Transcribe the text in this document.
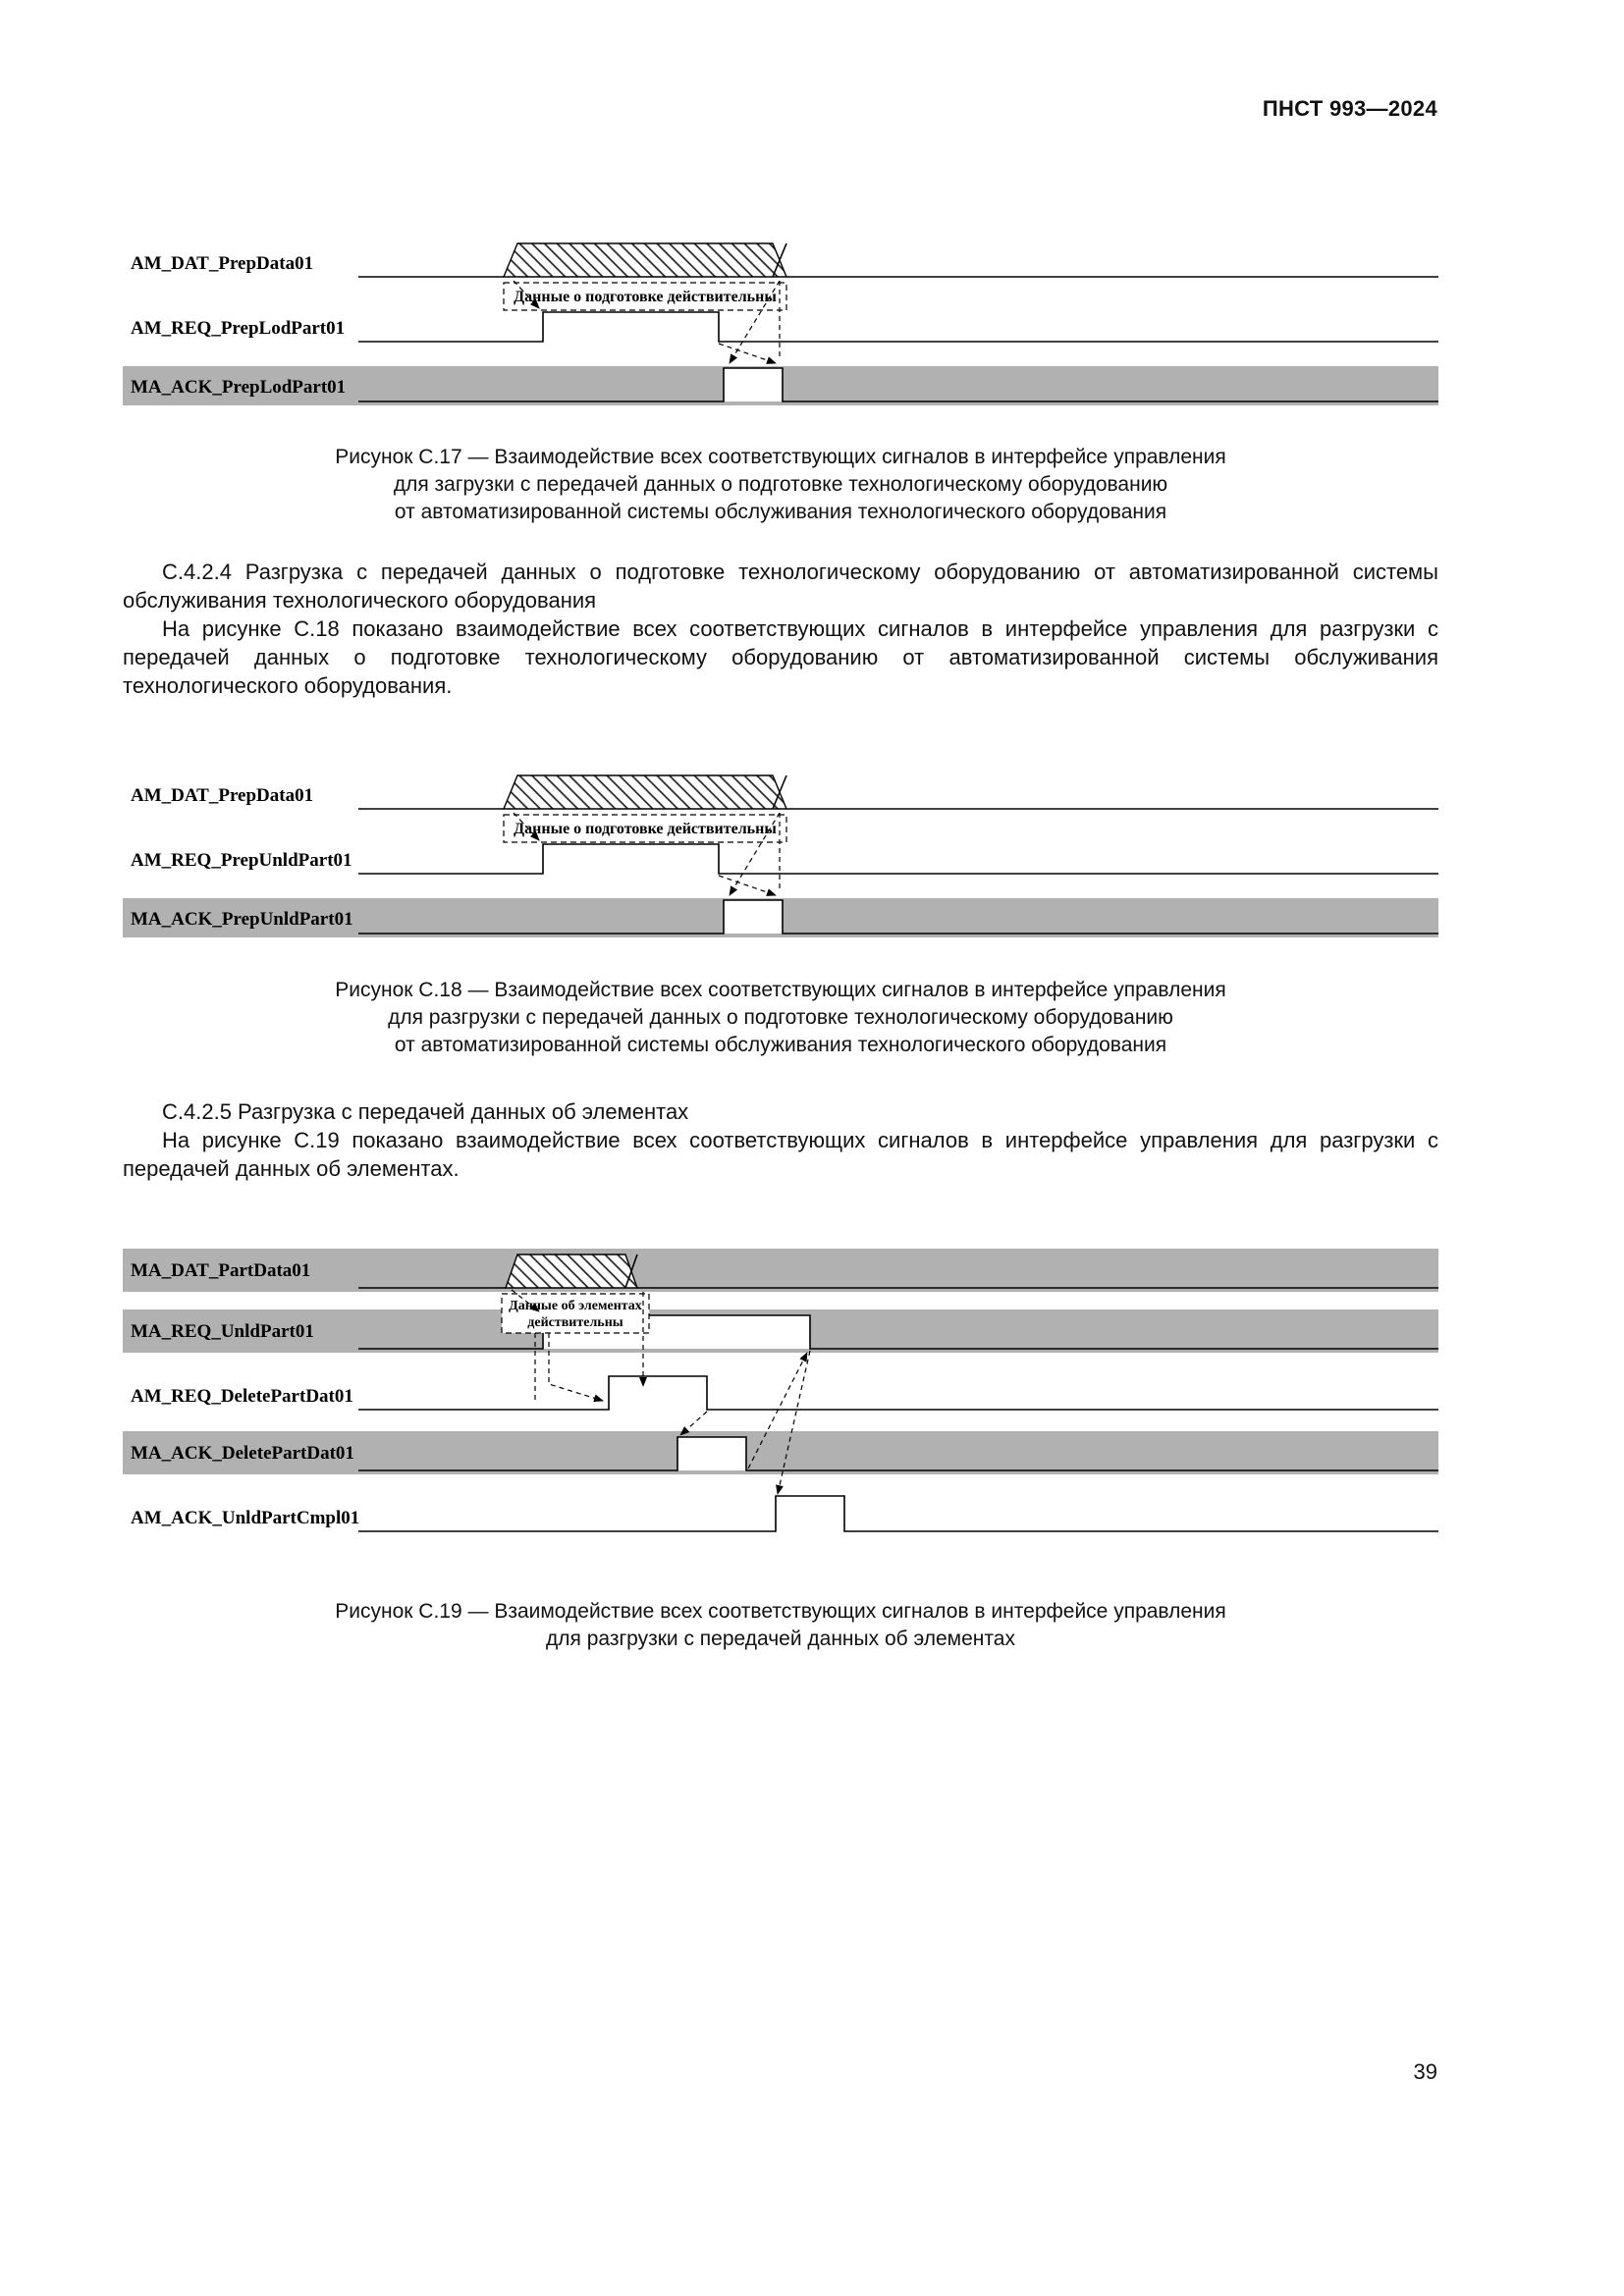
ПНСТ 993—2024
AM_DAT_PrepData01
AM_REQ_PrepLodPart01
MA_ACK_PrepLodPart01
Данные о подготовке действительны
Рисунок С.17 — Взаимодействие всех соответствующих сигналов в интерфейсе управления
для загрузки с передачей данных о подготовке технологическому оборудованию
от автоматизированной системы обслуживания технологического оборудования

С.4.2.4 Разгрузка с передачей данных о подготовке технологическому оборудованию от автоматизированной системы обслуживания технологического оборудования

На рисунке С.18 показано взаимодействие всех соответствующих сигналов в интерфейсе управления для разгрузки с передачей данных о подготовке технологическому оборудованию от автоматизированной системы обслуживания технологического оборудования.

AM_DAT_PrepData01
AM_REQ_PrepUnldPart01
MA_ACK_PrepUnldPart01
Данные о подготовке действительны
Рисунок С.18 — Взаимодействие всех соответствующих сигналов в интерфейсе управления
для разгрузки с передачей данных о подготовке технологическому оборудованию
от автоматизированной системы обслуживания технологического оборудования

С.4.2.5 Разгрузка с передачей данных об элементах

На рисунке С.19 показано взаимодействие всех соответствующих сигналов в интерфейсе управления для разгрузки с передачей данных об элементах.

MA_DAT_PartData01
MA_REQ_UnldPart01
AM_REQ_DeletePartDat01
MA_ACK_DeletePartDat01
AM_ACK_UnldPartCmpl01
Данные об элементах
действительны
Рисунок С.19 — Взаимодействие всех соответствующих сигналов в интерфейсе управления
для разгрузки с передачей данных об элементах
39
